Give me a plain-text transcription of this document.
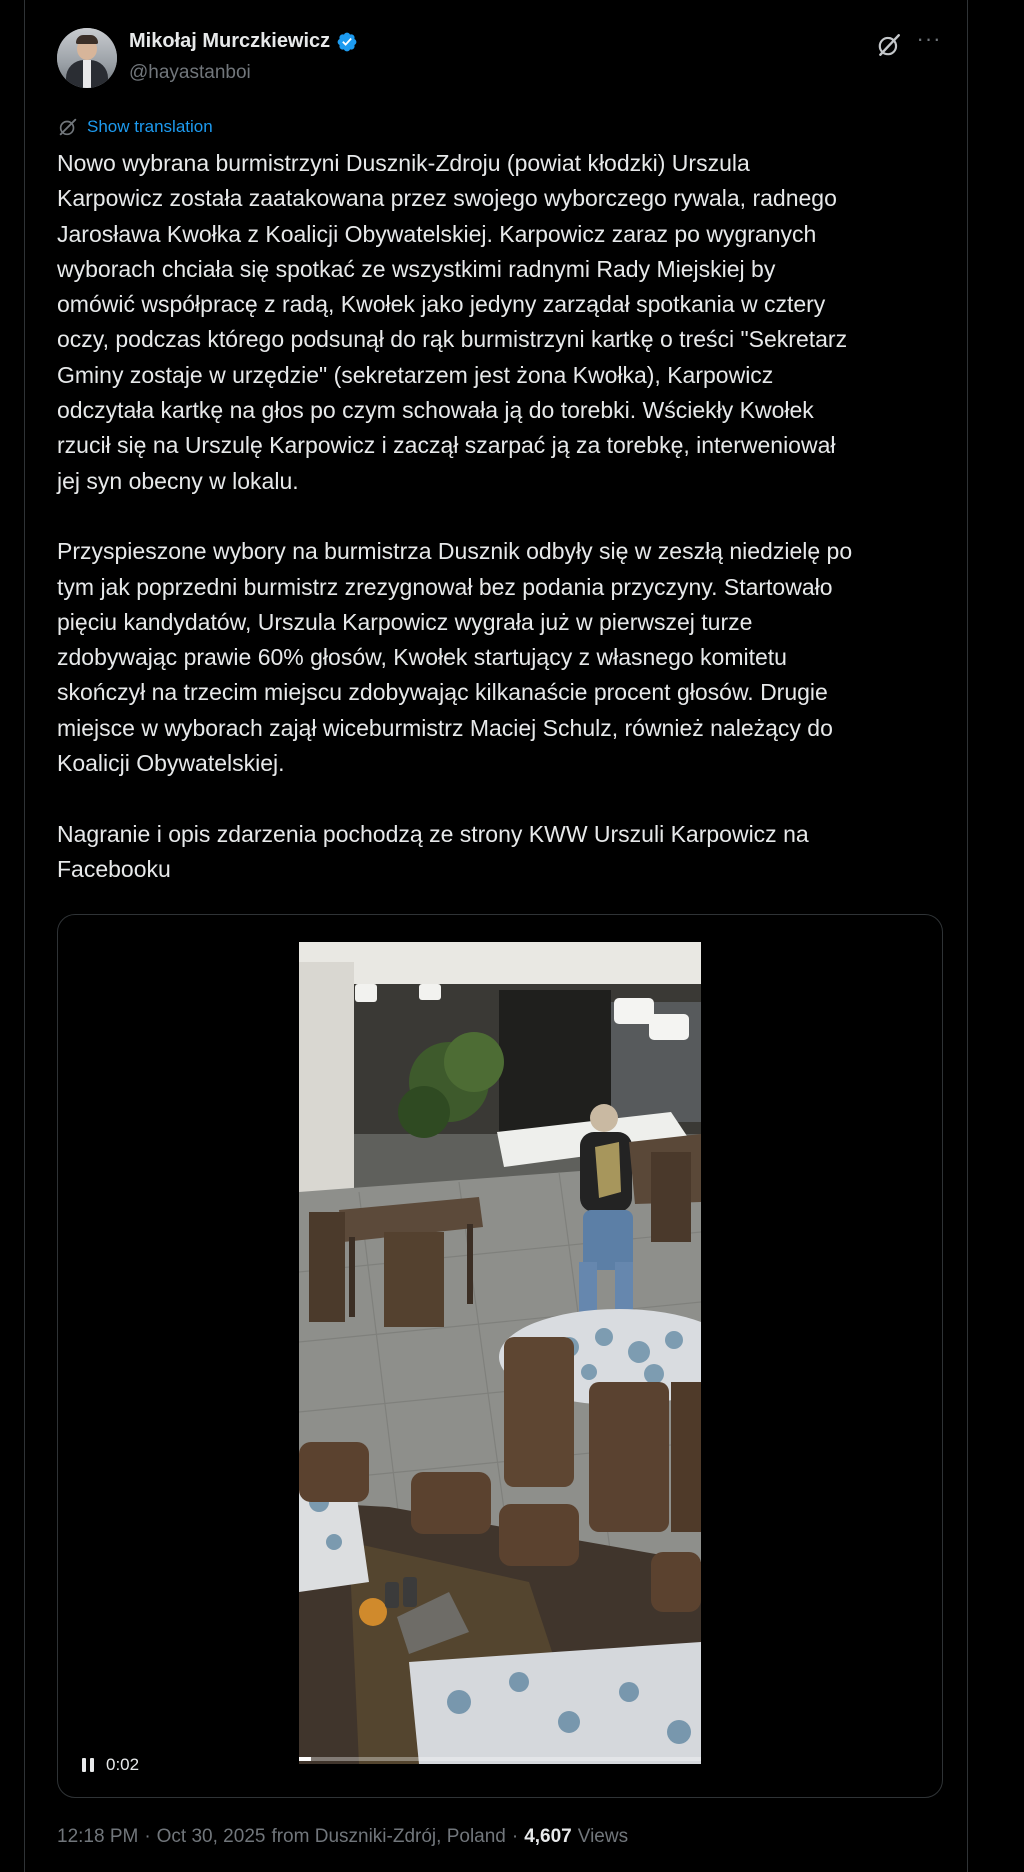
Mikołaj Murczkiewicz
@hayastanboi
···
Show translation
Nowo wybrana burmistrzyni Dusznik-Zdroju (powiat kłodzki) Urszula
Karpowicz została zaatakowana przez swojego wyborczego rywala, radnego
Jarosława Kwołka z Koalicji Obywatelskiej. Karpowicz zaraz po wygranych
wyborach chciała się spotkać ze wszystkimi radnymi Rady Miejskiej by
omówić współpracę z radą, Kwołek jako jedyny zarządał spotkania w cztery
oczy, podczas którego podsunął do rąk burmistrzyni kartkę o treści "Sekretarz
Gminy zostaje w urzędzie" (sekretarzem jest żona Kwołka), Karpowicz
odczytała kartkę na głos po czym schowała ją do torebki. Wściekły Kwołek
rzucił się na Urszulę Karpowicz i zaczął szarpać ją za torebkę, interweniował
jej syn obecny w lokalu.

Przyspieszone wybory na burmistrza Dusznik odbyły się w zeszłą niedzielę po
tym jak poprzedni burmistrz zrezygnował bez podania przyczyny. Startowało
pięciu kandydatów, Urszula Karpowicz wygrała już w pierwszej turze
zdobywając prawie 60% głosów, Kwołek startujący z własnego komitetu
skończył na trzecim miejscu zdobywając kilkanaście procent głosów. Drugie
miejsce w wyborach zajął wiceburmistrz Maciej Schulz, również należący do
Koalicji Obywatelskiej.

Nagranie i opis zdarzenia pochodzą ze strony KWW Urszuli Karpowicz na
Facebooku
0:02
12:18 PM · Oct 30, 2025 from Duszniki-Zdrój, Poland · 4,607 Views
